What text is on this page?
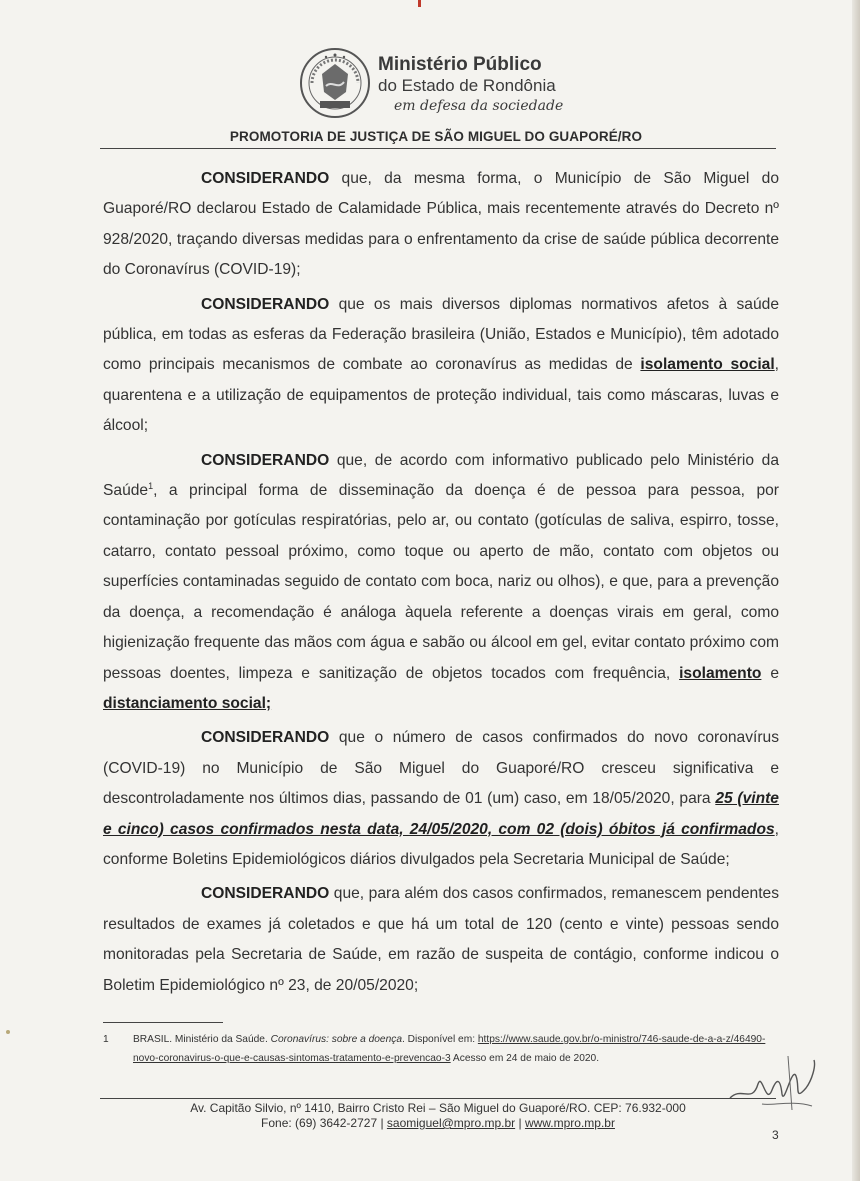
Ministério Público
do Estado de Rondônia
em defesa da sociedade
PROMOTORIA DE JUSTIÇA DE SÃO MIGUEL DO GUAPORÉ/RO

CONSIDERANDO que, da mesma forma, o Município de São Miguel do Guaporé/RO declarou Estado de Calamidade Pública, mais recentemente através do Decreto nº 928/2020, traçando diversas medidas para o enfrentamento da crise de saúde pública decorrente do Coronavírus (COVID-19);

CONSIDERANDO que os mais diversos diplomas normativos afetos à saúde pública, em todas as esferas da Federação brasileira (União, Estados e Município), têm adotado como principais mecanismos de combate ao coronavírus as medidas de isolamento social, quarentena e a utilização de equipamentos de proteção individual, tais como máscaras, luvas e álcool;

CONSIDERANDO que, de acordo com informativo publicado pelo Ministério da Saúde$^1$, a principal forma de disseminação da doença é de pessoa para pessoa, por contaminação por gotículas respiratórias, pelo ar, ou contato (gotículas de saliva, espirro, tosse, catarro, contato pessoal próximo, como toque ou aperto de mão, contato com objetos ou superfícies contaminadas seguido de contato com boca, nariz ou olhos), e que, para a prevenção da doença, a recomendação é análoga àquela referente a doenças virais em geral, como higienização frequente das mãos com água e sabão ou álcool em gel, evitar contato próximo com pessoas doentes, limpeza e sanitização de objetos tocados com frequência, isolamento e distanciamento social;

CONSIDERANDO que o número de casos confirmados do novo coronavírus (COVID-19) no Município de São Miguel do Guaporé/RO cresceu significativa e descontroladamente nos últimos dias, passando de 01 (um) caso, em 18/05/2020, para 25 (vinte e cinco) casos confirmados nesta data, 24/05/2020, com 02 (dois) óbitos já confirmados, conforme Boletins Epidemiológicos diários divulgados pela Secretaria Municipal de Saúde;

CONSIDERANDO que, para além dos casos confirmados, remanescem pendentes resultados de exames já coletados e que há um total de 120 (cento e vinte) pessoas sendo monitoradas pela Secretaria de Saúde, em razão de suspeita de contágio, conforme indicou o Boletim Epidemiológico nº 23, de 20/05/2020;

1 BRASIL. Ministério da Saúde. Coronavírus: sobre a doença. Disponível em: https://www.saude.gov.br/o-ministro/746-saude-de-a-a-z/46490-novo-coronavirus-o-que-e-causas-sintomas-tratamento-e-prevencao-3 Acesso em 24 de maio de 2020.
Av. Capitão Silvio, nº 1410, Bairro Cristo Rei – São Miguel do Guaporé/RO. CEP: 76.932-000
Fone: (69) 3642-2727 | saomiguel@mpro.mp.br | www.mpro.mp.br
3
